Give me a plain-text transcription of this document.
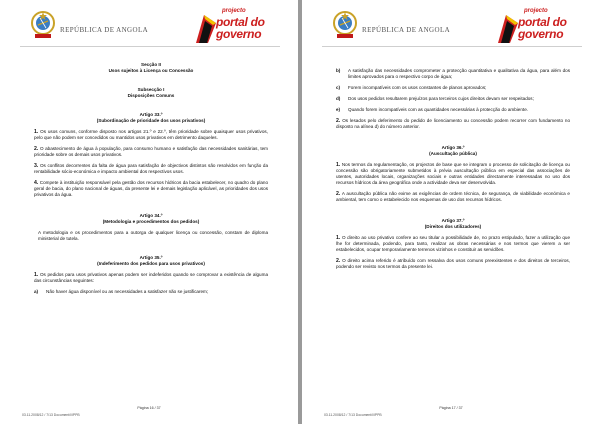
REPÚBLICA DE ANGOLA
projecto
portal do
governo

Secção II

Usos sujeitos à Licença ou Concessão

Subsecção I

Disposições Comuns

Artigo 33.º

(Subordinação de prioridade dos usos privativos)

1. Os usos comuns, conforme disposto nos artigos 21.º e 22.º, têm prioridade sobre quaisquer usos privativos, pelo que não podem ser concedidos ou mantidos usos privativos em detrimento daqueles.

2. O abastecimento de água à população, para consumo humano e satisfação das necessidades sanitárias, tem prioridade sobre os demais usos privativos.

3. Os conflitos decorrentes da falta de água para satisfação de objectivos distintos são resolvidos em função da rentabilidade sócio-económica e impacto ambiental dos respectivos usos.

4. Compete à instituição responsável pela gestão dos recursos hídricos da bacia estabelecer, no quadro do plano geral de bacia, do plano nacional de águas, da presente lei e demais legislação aplicável, as prioridades dos usos privativos da água.

Artigo 34.º

(Metodologia e procedimentos dos pedidos)

A metodologia e os procedimentos para a outorga de qualquer licença ou concessão, constam de diploma ministerial de tutela.

Artigo 35.º

(Indeferimento dos pedidos para usos privativos)

1. Os pedidos para usos privativos apenas podem ser indeferidos quando se comprovar a existência de alguma das circunstâncias seguintes:

a)	Não haver água disponível ou as necessidades a satisfazer não se justificarem;
Página 16 / 37
03.11.2008/12 / 7/13 Document/i/IPPB
REPÚBLICA DE ANGOLA
projecto
portal do
governo
b)	A satisfação das necessidades comprometer a protecção quantitativa e qualitativa da água, para além dos limites aprovados para o respectivo corpo de água;
c)	Forem incompatíveis com os usos constantes de planos aprovados;
d)	Dos usos pedidos resultarem prejuízos para terceiros cujos direitos devam ser respeitados;
e)	Quando forem incompatíveis com as quantidades necessárias à protecção do ambiente.

2. Os lesados pelo deferimento do pedido de licenciamento ou concessão podem recorrer com fundamento no disposto na alínea d) do número anterior.

Artigo 36.º

(Auscultação pública)

1. Nos termos da regulamentação, os projectos de base que se integram o processo de solicitação de licença ou concessão são obrigatoriamente submetidos à prévia auscultação pública em especial das associações de utentes, autoridades locais, organizações sociais e outras entidades directamente interessadas no uso dos recursos hídricos da área geográfica onde a actividade deva ser desenvolvida.

2. A auscultação pública não exime as exigências de ordem técnica, de segurança, de viabilidade económica e ambiental, tem como o estabelecido nos esquemas de uso dos recursos hídricos.

Artigo 37.º

(Direitos dos utilizadores)

1. O direito ao uso privativo confere ao seu titular a possibilidade de, no prazo estipulado, fazer a utilização que lhe for determinada, podendo, para tanto, realizar as obras necessárias e nos termos que vierem a ser estabelecidos, ocupar temporariamente terrenos vizinhos e constituir as servidões.

2. O direito acima referido é atribuído com ressalva dos usos comuns preexistentes e dos direitos de terceiros, podendo ser revisto nos termos da presente lei.

Página 17 / 37
03.11.2008/12 / 7/13 Document/i/IPPB
